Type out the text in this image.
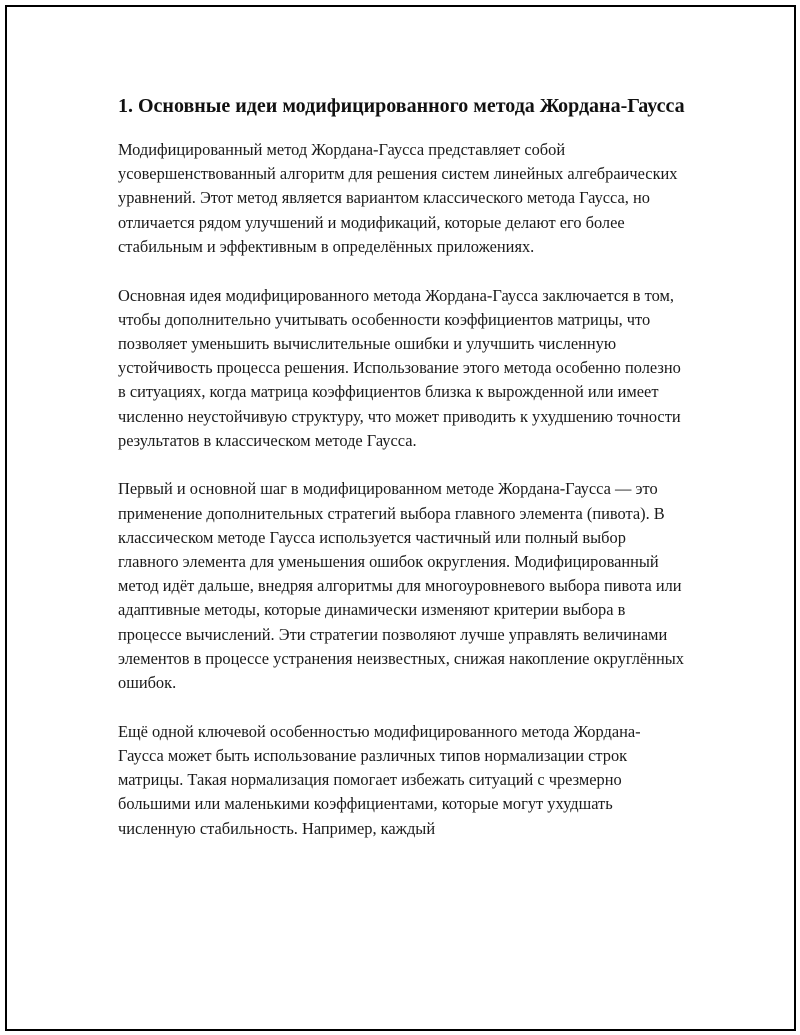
1. Основные идеи модифицированного метода Жордана-Гаусса

Модифицированный метод Жордана-Гаусса представляет собой усовершенствованный алгоритм для решения систем линейных алгебраических уравнений. Этот метод является вариантом классического метода Гаусса, но отличается рядом улучшений и модификаций, которые делают его более стабильным и эффективным в определённых приложениях.

Основная идея модифицированного метода Жордана-Гаусса заключается в том, чтобы дополнительно учитывать особенности коэффициентов матрицы, что позволяет уменьшить вычислительные ошибки и улучшить численную устойчивость процесса решения. Использование этого метода особенно полезно в ситуациях, когда матрица коэффициентов близка к вырожденной или имеет численно неустойчивую структуру, что может приводить к ухудшению точности результатов в классическом методе Гаусса.

Первый и основной шаг в модифицированном методе Жордана-Гаусса — это применение дополнительных стратегий выбора главного элемента (пивота). В классическом методе Гаусса используется частичный или полный выбор главного элемента для уменьшения ошибок округления. Модифицированный метод идёт дальше, внедряя алгоритмы для многоуровневого выбора пивота или адаптивные методы, которые динамически изменяют критерии выбора в процессе вычислений. Эти стратегии позволяют лучше управлять величинами элементов в процессе устранения неизвестных, снижая накопление округлённых ошибок.

Ещё одной ключевой особенностью модифицированного метода Жордана-Гаусса может быть использование различных типов нормализации строк матрицы. Такая нормализация помогает избежать ситуаций с чрезмерно большими или маленькими коэффициентами, которые могут ухудшать численную стабильность. Например, каждый
